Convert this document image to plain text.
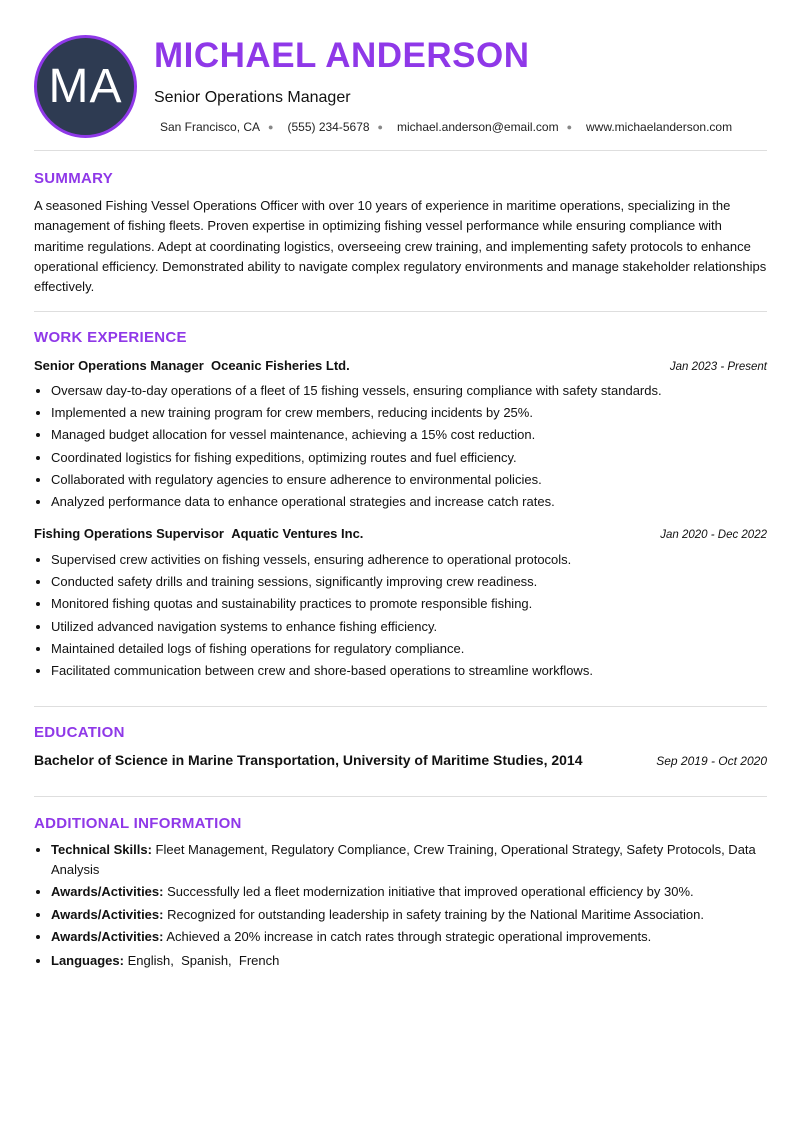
MA
MICHAEL ANDERSON
Senior Operations Manager
San Francisco, CA ● (555) 234-5678 ● michael.anderson@email.com ● www.michaelanderson.com
SUMMARY
A seasoned Fishing Vessel Operations Officer with over 10 years of experience in maritime operations, specializing in the management of fishing fleets. Proven expertise in optimizing fishing vessel performance while ensuring compliance with maritime regulations. Adept at coordinating logistics, overseeing crew training, and implementing safety protocols to enhance operational efficiency. Demonstrated ability to navigate complex regulatory environments and manage stakeholder relationships effectively.
WORK EXPERIENCE
Senior Operations Manager Oceanic Fisheries Ltd.	Jan 2023 - Present
Oversaw day-to-day operations of a fleet of 15 fishing vessels, ensuring compliance with safety standards.
Implemented a new training program for crew members, reducing incidents by 25%.
Managed budget allocation for vessel maintenance, achieving a 15% cost reduction.
Coordinated logistics for fishing expeditions, optimizing routes and fuel efficiency.
Collaborated with regulatory agencies to ensure adherence to environmental policies.
Analyzed performance data to enhance operational strategies and increase catch rates.
Fishing Operations Supervisor Aquatic Ventures Inc.	Jan 2020 - Dec 2022
Supervised crew activities on fishing vessels, ensuring adherence to operational protocols.
Conducted safety drills and training sessions, significantly improving crew readiness.
Monitored fishing quotas and sustainability practices to promote responsible fishing.
Utilized advanced navigation systems to enhance fishing efficiency.
Maintained detailed logs of fishing operations for regulatory compliance.
Facilitated communication between crew and shore-based operations to streamline workflows.
EDUCATION
Bachelor of Science in Marine Transportation, University of Maritime Studies, 2014	Sep 2019 - Oct 2020
ADDITIONAL INFORMATION
Technical Skills: Fleet Management, Regulatory Compliance, Crew Training, Operational Strategy, Safety Protocols, Data Analysis
Awards/Activities: Successfully led a fleet modernization initiative that improved operational efficiency by 30%.
Awards/Activities: Recognized for outstanding leadership in safety training by the National Maritime Association.
Awards/Activities: Achieved a 20% increase in catch rates through strategic operational improvements.
Languages: English,  Spanish,  French
